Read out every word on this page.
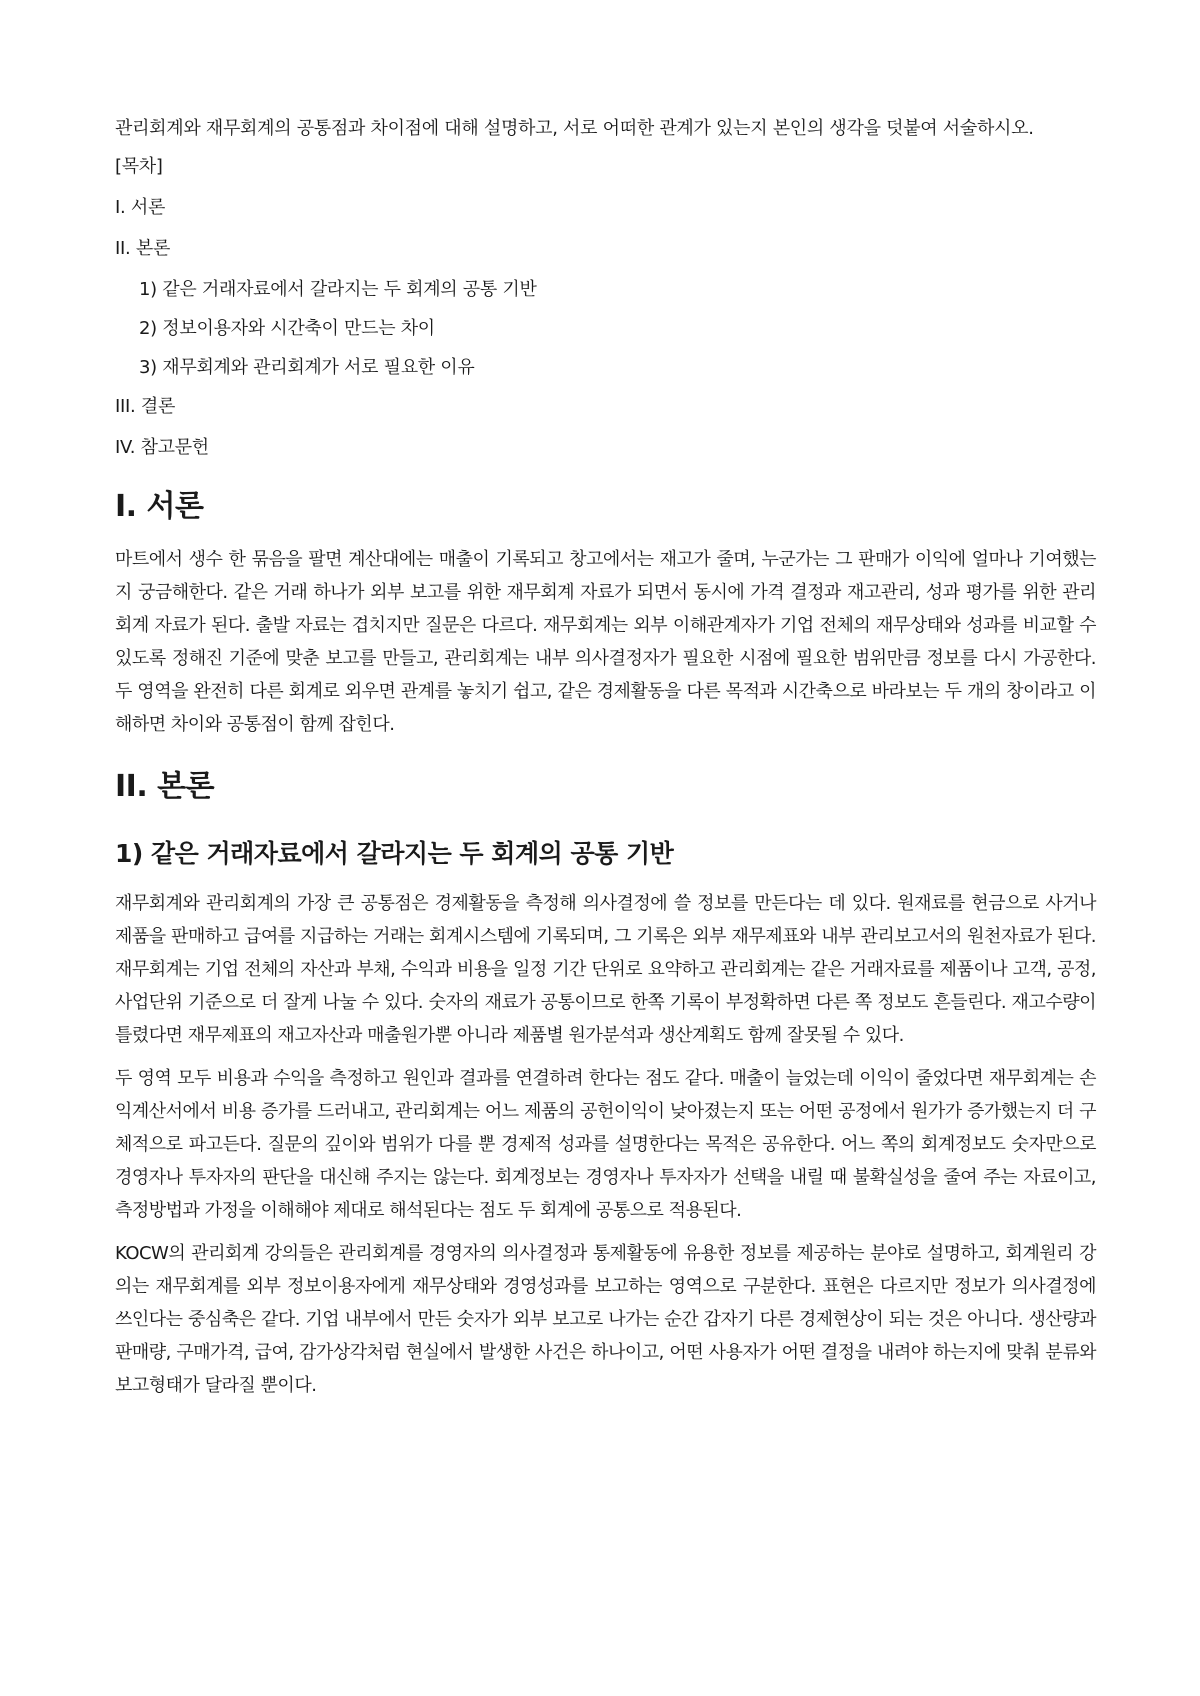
관리회계와 재무회계의 공통점과 차이점에 대해 설명하고, 서로 어떠한 관계가 있는지 본인의 생각을 덧붙여 서술하시오.

[목차]
I. 서론
II. 본론
1) 같은 거래자료에서 갈라지는 두 회계의 공통 기반
2) 정보이용자와 시간축이 만드는 차이
3) 재무회계와 관리회계가 서로 필요한 이유
III. 결론
IV. 참고문헌
I. 서론

마트에서 생수 한 묶음을 팔면 계산대에는 매출이 기록되고 창고에서는 재고가 줄며, 누군가는 그 판매가 이익에 얼마나 기여했는지 궁금해한다. 같은 거래 하나가 외부 보고를 위한 재무회계 자료가 되면서 동시에 가격 결정과 재고관리, 성과 평가를 위한 관리회계 자료가 된다. 출발 자료는 겹치지만 질문은 다르다. 재무회계는 외부 이해관계자가 기업 전체의 재무상태와 성과를 비교할 수 있도록 정해진 기준에 맞춘 보고를 만들고, 관리회계는 내부 의사결정자가 필요한 시점에 필요한 범위만큼 정보를 다시 가공한다. 두 영역을 완전히 다른 회계로 외우면 관계를 놓치기 쉽고, 같은 경제활동을 다른 목적과 시간축으로 바라보는 두 개의 창이라고 이해하면 차이와 공통점이 함께 잡힌다.

II. 본론
1) 같은 거래자료에서 갈라지는 두 회계의 공통 기반

재무회계와 관리회계의 가장 큰 공통점은 경제활동을 측정해 의사결정에 쓸 정보를 만든다는 데 있다. 원재료를 현금으로 사거나 제품을 판매하고 급여를 지급하는 거래는 회계시스템에 기록되며, 그 기록은 외부 재무제표와 내부 관리보고서의 원천자료가 된다. 재무회계는 기업 전체의 자산과 부채, 수익과 비용을 일정 기간 단위로 요약하고 관리회계는 같은 거래자료를 제품이나 고객, 공정, 사업단위 기준으로 더 잘게 나눌 수 있다. 숫자의 재료가 공통이므로 한쪽 기록이 부정확하면 다른 쪽 정보도 흔들린다. 재고수량이 틀렸다면 재무제표의 재고자산과 매출원가뿐 아니라 제품별 원가분석과 생산계획도 함께 잘못될 수 있다.

두 영역 모두 비용과 수익을 측정하고 원인과 결과를 연결하려 한다는 점도 같다. 매출이 늘었는데 이익이 줄었다면 재무회계는 손익계산서에서 비용 증가를 드러내고, 관리회계는 어느 제품의 공헌이익이 낮아졌는지 또는 어떤 공정에서 원가가 증가했는지 더 구체적으로 파고든다. 질문의 깊이와 범위가 다를 뿐 경제적 성과를 설명한다는 목적은 공유한다. 어느 쪽의 회계정보도 숫자만으로 경영자나 투자자의 판단을 대신해 주지는 않는다. 회계정보는 경영자나 투자자가 선택을 내릴 때 불확실성을 줄여 주는 자료이고, 측정방법과 가정을 이해해야 제대로 해석된다는 점도 두 회계에 공통으로 적용된다.

KOCW의 관리회계 강의들은 관리회계를 경영자의 의사결정과 통제활동에 유용한 정보를 제공하는 분야로 설명하고, 회계원리 강의는 재무회계를 외부 정보이용자에게 재무상태와 경영성과를 보고하는 영역으로 구분한다. 표현은 다르지만 정보가 의사결정에 쓰인다는 중심축은 같다. 기업 내부에서 만든 숫자가 외부 보고로 나가는 순간 갑자기 다른 경제현상이 되는 것은 아니다. 생산량과 판매량, 구매가격, 급여, 감가상각처럼 현실에서 발생한 사건은 하나이고, 어떤 사용자가 어떤 결정을 내려야 하는지에 맞춰 분류와 보고형태가 달라질 뿐이다.
